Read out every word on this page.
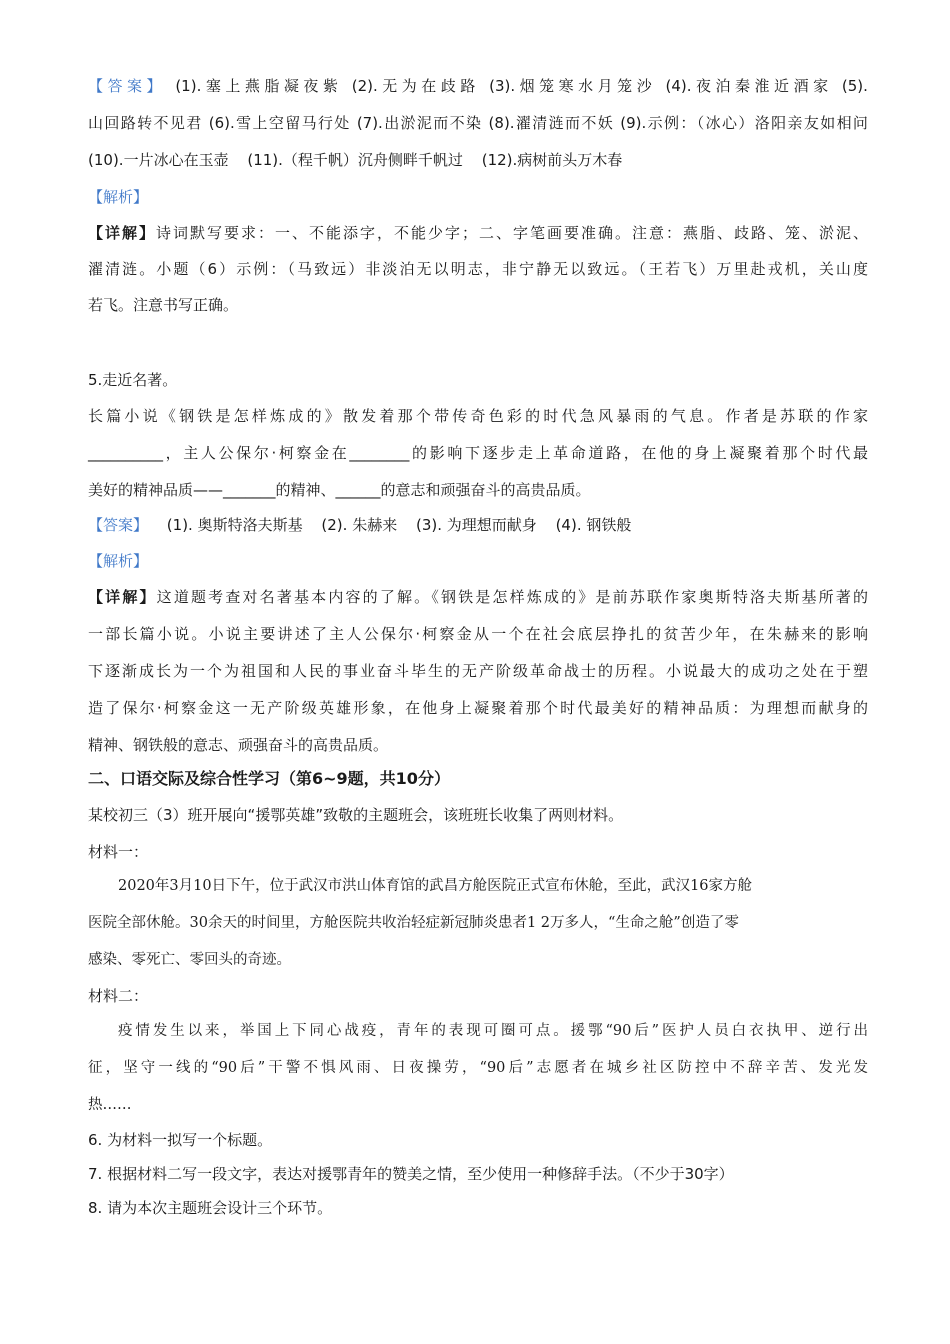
【答案】 (1).塞上燕脂凝夜紫 (2).无为在歧路 (3).烟笼寒水月笼沙 (4).夜泊秦淮近酒家 (5).
山回路转不见君 (6).雪上空留马行处 (7).出淤泥而不染 (8).濯清涟而不妖 (9).示例：（冰心）洛阳亲友如相问
(10).一片冰心在玉壶 (11).（程千帆）沉舟侧畔千帆过 (12).病树前头万木春
【解析】
【详解】诗词默写要求：一、不能添字，不能少字；二、字笔画要准确。注意：燕脂、歧路、笼、淤泥、
濯清涟。小题（6）示例：（马致远）非淡泊无以明志，非宁静无以致远。（王若飞）万里赴戎机，关山度
若飞。注意书写正确。
5.走近名著。
长篇小说《钢铁是怎样炼成的》散发着那个带传奇色彩的时代急风暴雨的气息。作者是苏联的作家
__________，主人公保尔·柯察金在________的影响下逐步走上革命道路，在他的身上凝聚着那个时代最
美好的精神品质——_______的精神、______的意志和顽强奋斗的高贵品质。
【答案】 (1). 奥斯特洛夫斯基 (2). 朱赫来 (3). 为理想而献身 (4). 钢铁般
【解析】
【详解】这道题考查对名著基本内容的了解。《钢铁是怎样炼成的》是前苏联作家奥斯特洛夫斯基所著的
一部长篇小说。小说主要讲述了主人公保尔·柯察金从一个在社会底层挣扎的贫苦少年，在朱赫来的影响
下逐渐成长为一个为祖国和人民的事业奋斗毕生的无产阶级革命战士的历程。小说最大的成功之处在于塑
造了保尔·柯察金这一无产阶级英雄形象，在他身上凝聚着那个时代最美好的精神品质：为理想而献身的
精神、钢铁般的意志、顽强奋斗的高贵品质。
二、口语交际及综合性学习（第6~9题，共10分）
某校初三（3）班开展向“援鄂英雄”致敬的主题班会，该班班长收集了两则材料。
材料一：
2020年3月10日下午，位于武汉市洪山体育馆的武昌方舱医院正式宣布休舱，至此，武汉16家方舱
医院全部休舱。30余天的时间里，方舱医院共收治轻症新冠肺炎患者1 2万多人，“生命之舱”创造了零
感染、零死亡、零回头的奇迹。
材料二：
疫情发生以来，举国上下同心战疫，青年的表现可圈可点。援鄂“90后”医护人员白衣执甲、逆行出
征，坚守一线的“90后”干警不惧风雨、日夜操劳，“90后”志愿者在城乡社区防控中不辞辛苦、发光发
热……
6. 为材料一拟写一个标题。
7. 根据材料二写一段文字，表达对援鄂青年的赞美之情，至少使用一种修辞手法。（不少于30字）
8. 请为本次主题班会设计三个环节。
